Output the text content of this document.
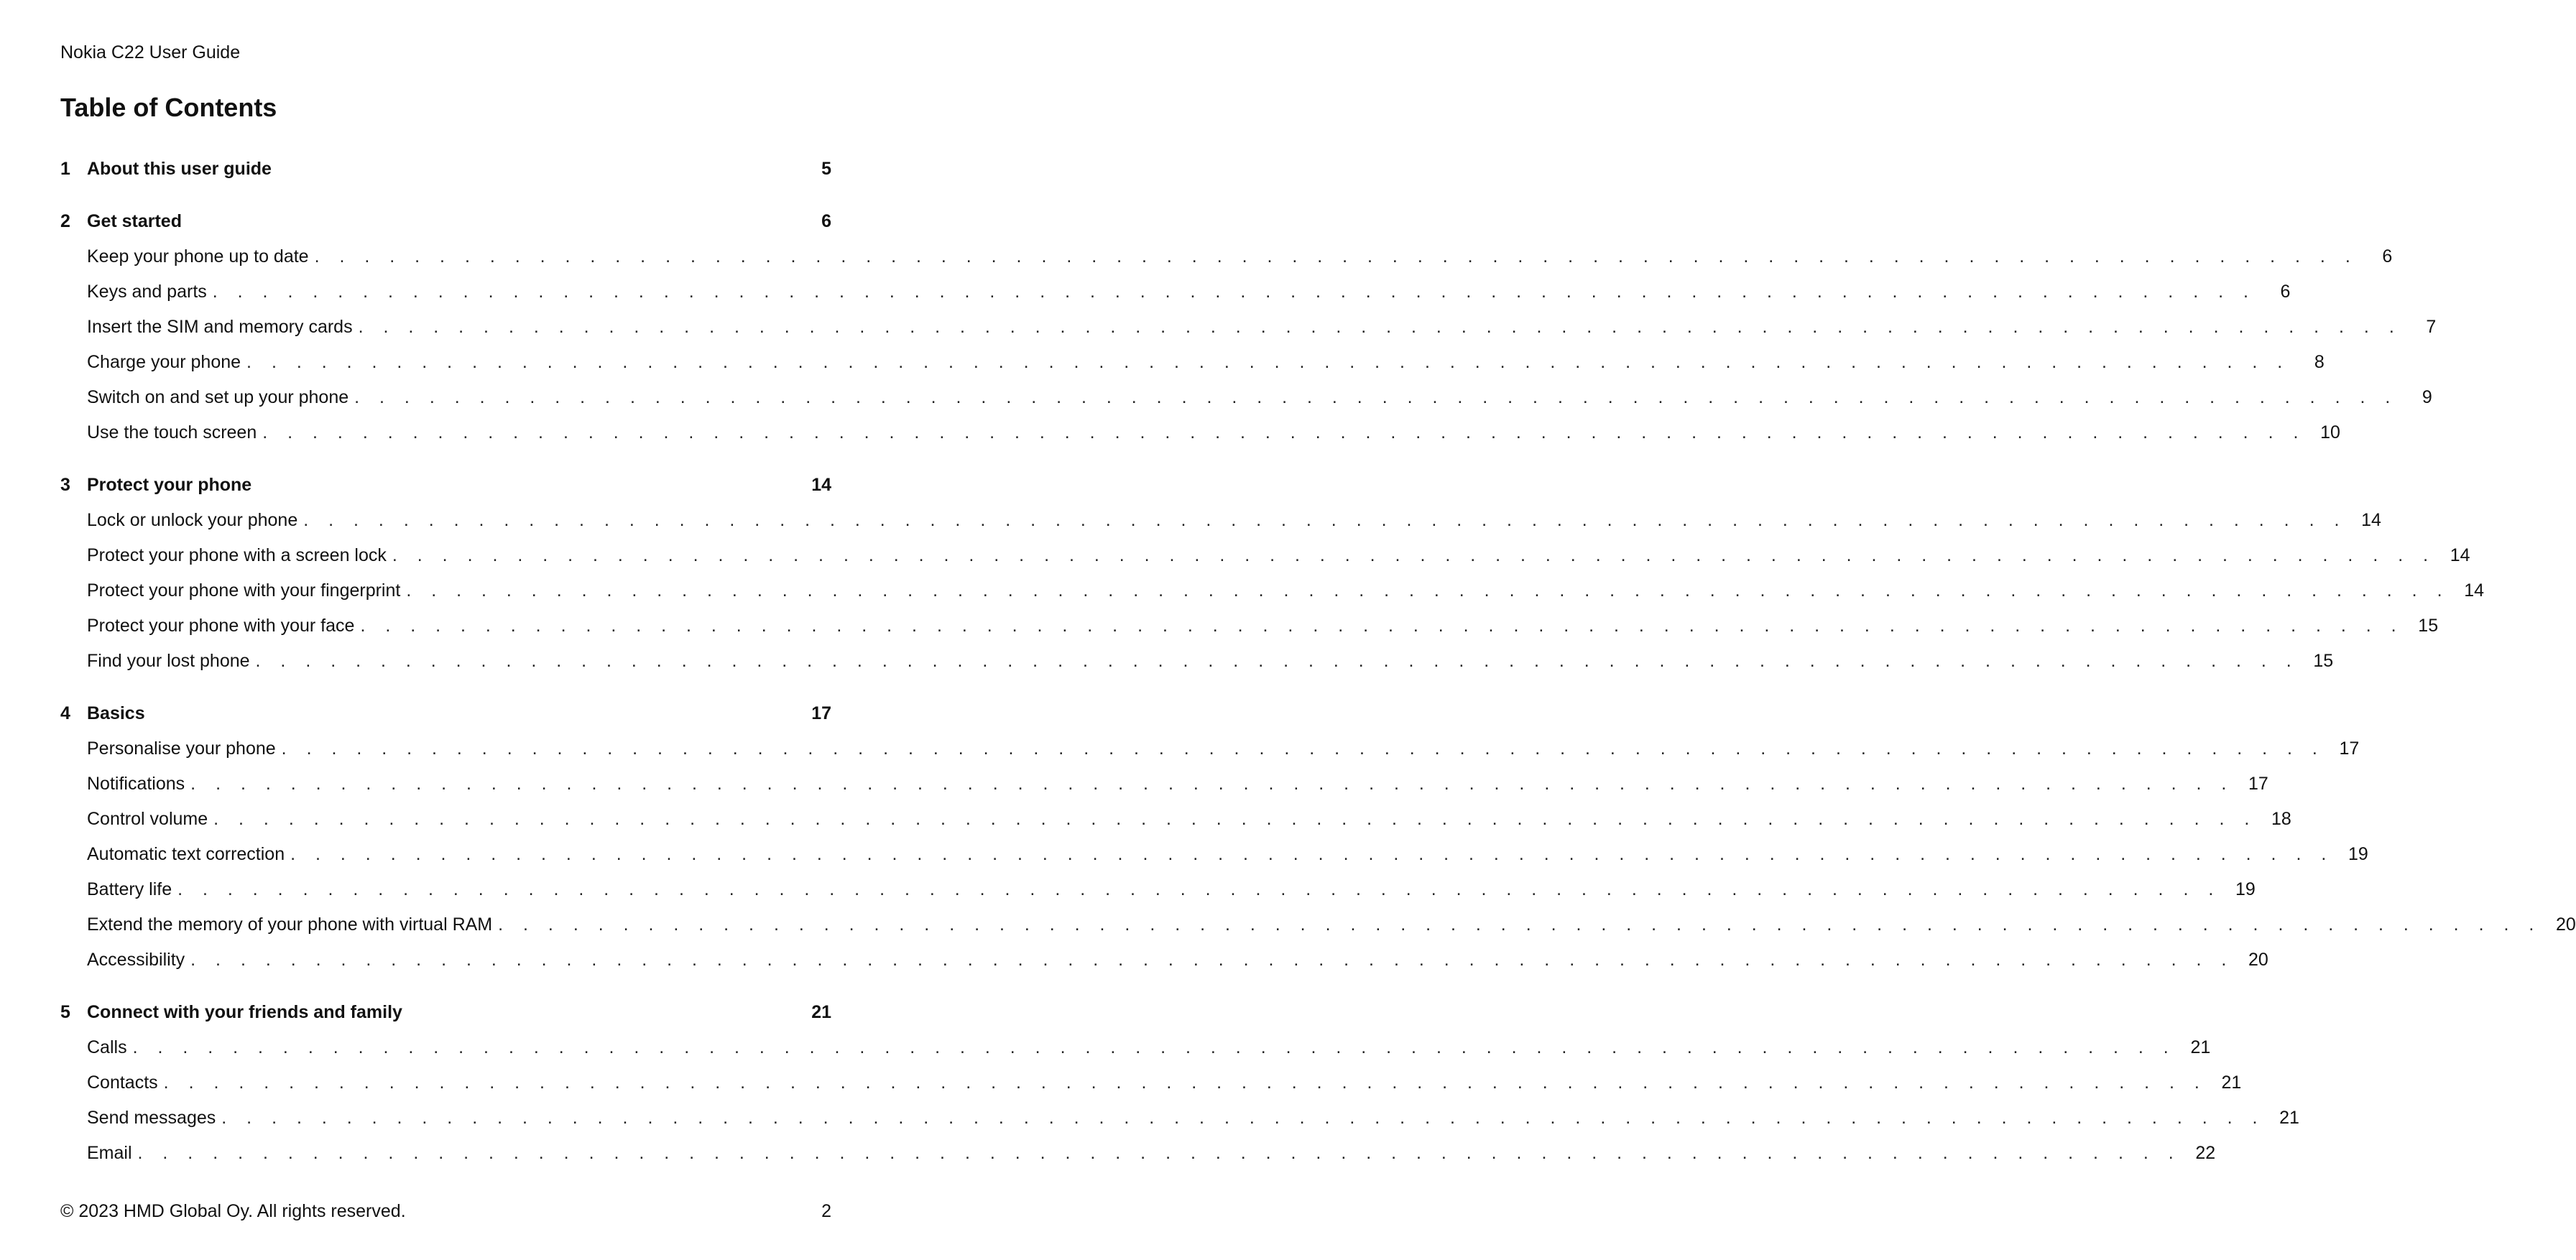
Nokia C22 User Guide
Table of Contents
1 About this user guide	5
2 Get started	6
Keep your phone up to date . . . . . . . . . . . . . . . . . . . . . . . . . . . . . . . . . . . . . . . . . . . . . . . . . . . . . . . . . . . . . . . . . . . . . . . . . . . . . . . . . .	6
Keys and parts . . . . . . . . . . . . . . . . . . . . . . . . . . . . . . . . . . . . . . . . . . . . . . . . . . . . . . . . . . . . . . . . . . . . . . . . . . . . . . . . . .	6
Insert the SIM and memory cards . . . . . . . . . . . . . . . . . . . . . . . . . . . . . . . . . . . . . . . . . . . . . . . . . . . . . . . . . . . . . . . . . . . . . . . . . . . . . . . . . .	7
Charge your phone . . . . . . . . . . . . . . . . . . . . . . . . . . . . . . . . . . . . . . . . . . . . . . . . . . . . . . . . . . . . . . . . . . . . . . . . . . . . . . . . . .	8
Switch on and set up your phone . . . . . . . . . . . . . . . . . . . . . . . . . . . . . . . . . . . . . . . . . . . . . . . . . . . . . . . . . . . . . . . . . . . . . . . . . . . . . . . . . .	9
Use the touch screen . . . . . . . . . . . . . . . . . . . . . . . . . . . . . . . . . . . . . . . . . . . . . . . . . . . . . . . . . . . . . . . . . . . . . . . . . . . . . . . . . . 10
3 Protect your phone	14
Lock or unlock your phone . . . . . . . . . . . . . . . . . . . . . . . . . . . . . . . . . . . . . . . . . . . . . . . . . . . . . . . . . . . . . . . . . . . . . . . . . . . . . . . . . . 14
Protect your phone with a screen lock . . . . . . . . . . . . . . . . . . . . . . . . . . . . . . . . . . . . . . . . . . . . . . . . . . . . . . . . . . . . . . . . . . . . . . . . . . . . . . . . . . 14
Protect your phone with your fingerprint . . . . . . . . . . . . . . . . . . . . . . . . . . . . . . . . . . . . . . . . . . . . . . . . . . . . . . . . . . . . . . . . . . . . . . . . . . . . . . . . . . 14
Protect your phone with your face . . . . . . . . . . . . . . . . . . . . . . . . . . . . . . . . . . . . . . . . . . . . . . . . . . . . . . . . . . . . . . . . . . . . . . . . . . . . . . . . . . 15
Find your lost phone . . . . . . . . . . . . . . . . . . . . . . . . . . . . . . . . . . . . . . . . . . . . . . . . . . . . . . . . . . . . . . . . . . . . . . . . . . . . . . . . . . 15
4 Basics	17
Personalise your phone . . . . . . . . . . . . . . . . . . . . . . . . . . . . . . . . . . . . . . . . . . . . . . . . . . . . . . . . . . . . . . . . . . . . . . . . . . . . . . . . . . 17
Notifications . . . . . . . . . . . . . . . . . . . . . . . . . . . . . . . . . . . . . . . . . . . . . . . . . . . . . . . . . . . . . . . . . . . . . . . . . . . . . . . . . . 17
Control volume . . . . . . . . . . . . . . . . . . . . . . . . . . . . . . . . . . . . . . . . . . . . . . . . . . . . . . . . . . . . . . . . . . . . . . . . . . . . . . . . . . 18
Automatic text correction . . . . . . . . . . . . . . . . . . . . . . . . . . . . . . . . . . . . . . . . . . . . . . . . . . . . . . . . . . . . . . . . . . . . . . . . . . . . . . . . . . 19
Battery life . . . . . . . . . . . . . . . . . . . . . . . . . . . . . . . . . . . . . . . . . . . . . . . . . . . . . . . . . . . . . . . . . . . . . . . . . . . . . . . . . . 19
Extend the memory of your phone with virtual RAM . . . . . . . . . . . . . . . . . . . . . . . . . . . . . . . . . . . . . . . . . . . . . . . . . . . . . . . . . . . . . . . . . . . . . . . . . . . . . . . . . . 20
Accessibility . . . . . . . . . . . . . . . . . . . . . . . . . . . . . . . . . . . . . . . . . . . . . . . . . . . . . . . . . . . . . . . . . . . . . . . . . . . . . . . . . . 20
5 Connect with your friends and family	21
Calls . . . . . . . . . . . . . . . . . . . . . . . . . . . . . . . . . . . . . . . . . . . . . . . . . . . . . . . . . . . . . . . . . . . . . . . . . . . . . . . . . . 21
Contacts . . . . . . . . . . . . . . . . . . . . . . . . . . . . . . . . . . . . . . . . . . . . . . . . . . . . . . . . . . . . . . . . . . . . . . . . . . . . . . . . . . 21
Send messages . . . . . . . . . . . . . . . . . . . . . . . . . . . . . . . . . . . . . . . . . . . . . . . . . . . . . . . . . . . . . . . . . . . . . . . . . . . . . . . . . . 21
Email . . . . . . . . . . . . . . . . . . . . . . . . . . . . . . . . . . . . . . . . . . . . . . . . . . . . . . . . . . . . . . . . . . . . . . . . . . . . . . . . . . 22
© 2023 HMD Global Oy. All rights reserved.	2
